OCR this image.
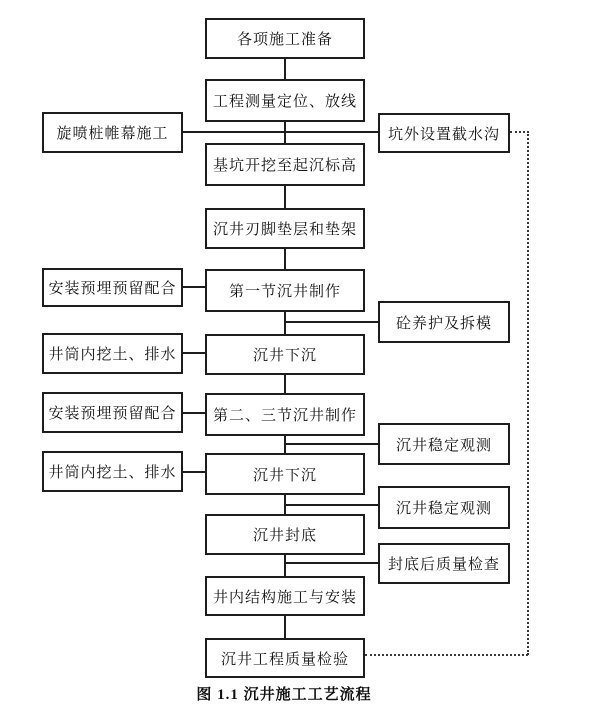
各项施工准备
工程测量定位、放线
基坑开挖至起沉标高
沉井刃脚垫层和垫架
第一节沉井制作
沉井下沉
第二、三节沉井制作
沉井下沉
沉井封底
井内结构施工与安装
沉井工程质量检验
旋喷桩帷幕施工
安装预埋预留配合
井筒内挖土、排水
安装预埋预留配合
井筒内挖土、排水
坑外设置截水沟
砼养护及拆模
沉井稳定观测
沉井稳定观测
封底后质量检查
图 1.1 沉井施工工艺流程
